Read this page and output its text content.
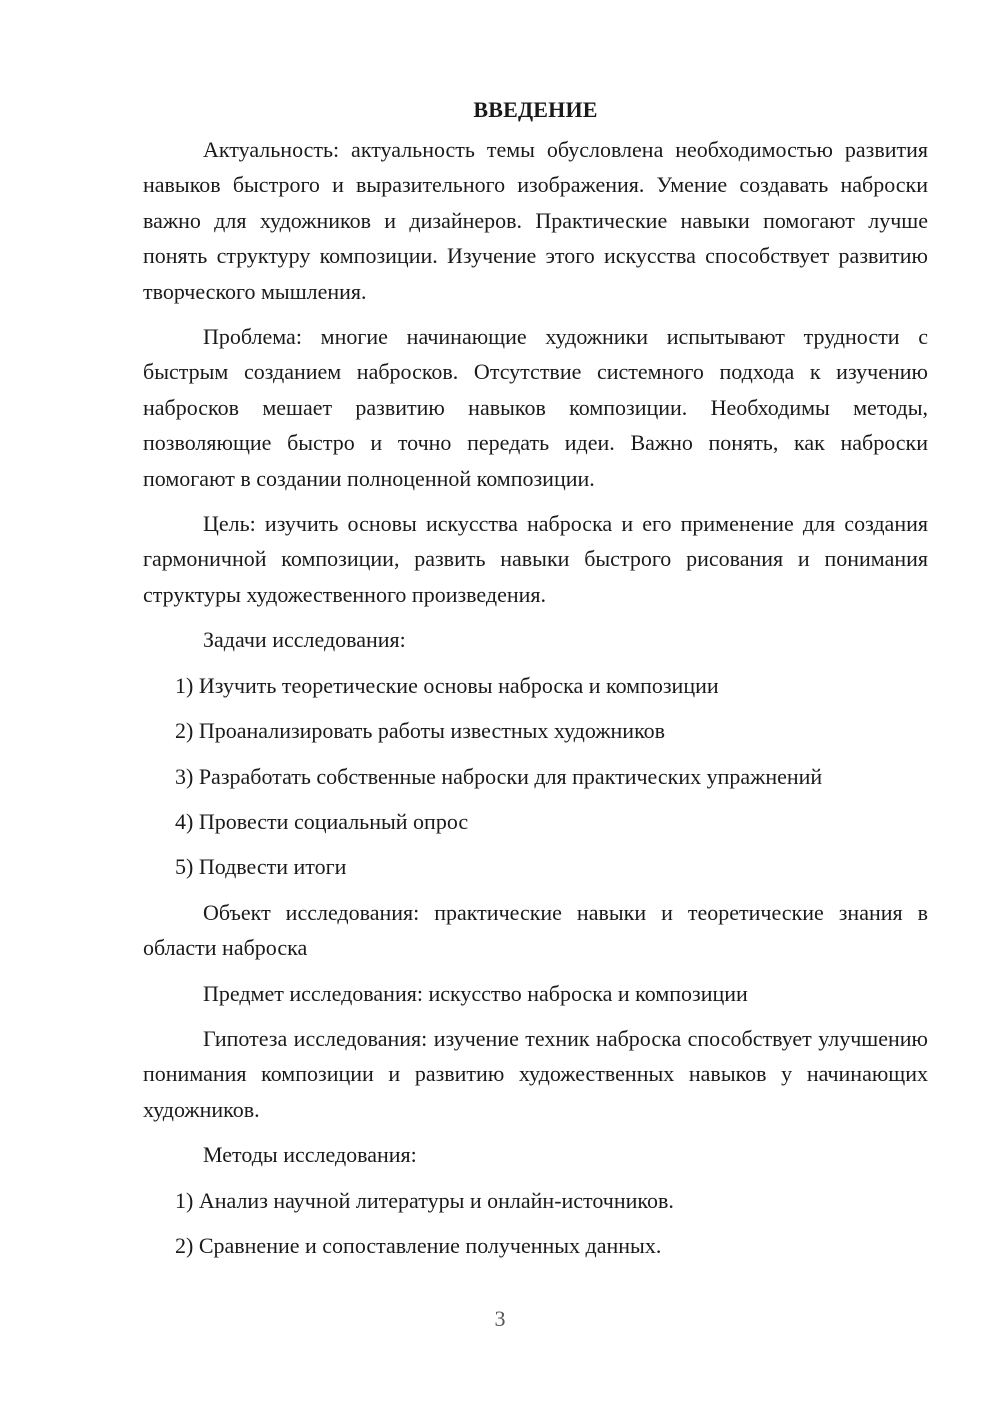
ВВЕДЕНИЕ

Актуальность: актуальность темы обусловлена необходимостью развития навыков быстрого и выразительного изображения. Умение создавать наброски важно для художников и дизайнеров. Практические навыки помогают лучше понять структуру композиции. Изучение этого искусства способствует развитию творческого мышления.

Проблема: многие начинающие художники испытывают трудности с быстрым созданием набросков. Отсутствие системного подхода к изучению набросков мешает развитию навыков композиции. Необходимы методы, позволяющие быстро и точно передать идеи. Важно понять, как наброски помогают в создании полноценной композиции.

Цель: изучить основы искусства наброска и его применение для создания гармоничной композиции, развить навыки быстрого рисования и понимания структуры художественного произведения.

Задачи исследования:

1) Изучить теоретические основы наброска и композиции

2) Проанализировать работы известных художников

3) Разработать собственные наброски для практических упражнений

4) Провести социальный опрос

5) Подвести итоги

Объект исследования: практические навыки и теоретические знания в области наброска

Предмет исследования: искусство наброска и композиции

Гипотеза исследования: изучение техник наброска способствует улучшению понимания композиции и развитию художественных навыков у начинающих художников.

Методы исследования:

1) Анализ научной литературы и онлайн-источников.

2) Сравнение и сопоставление полученных данных.

3
